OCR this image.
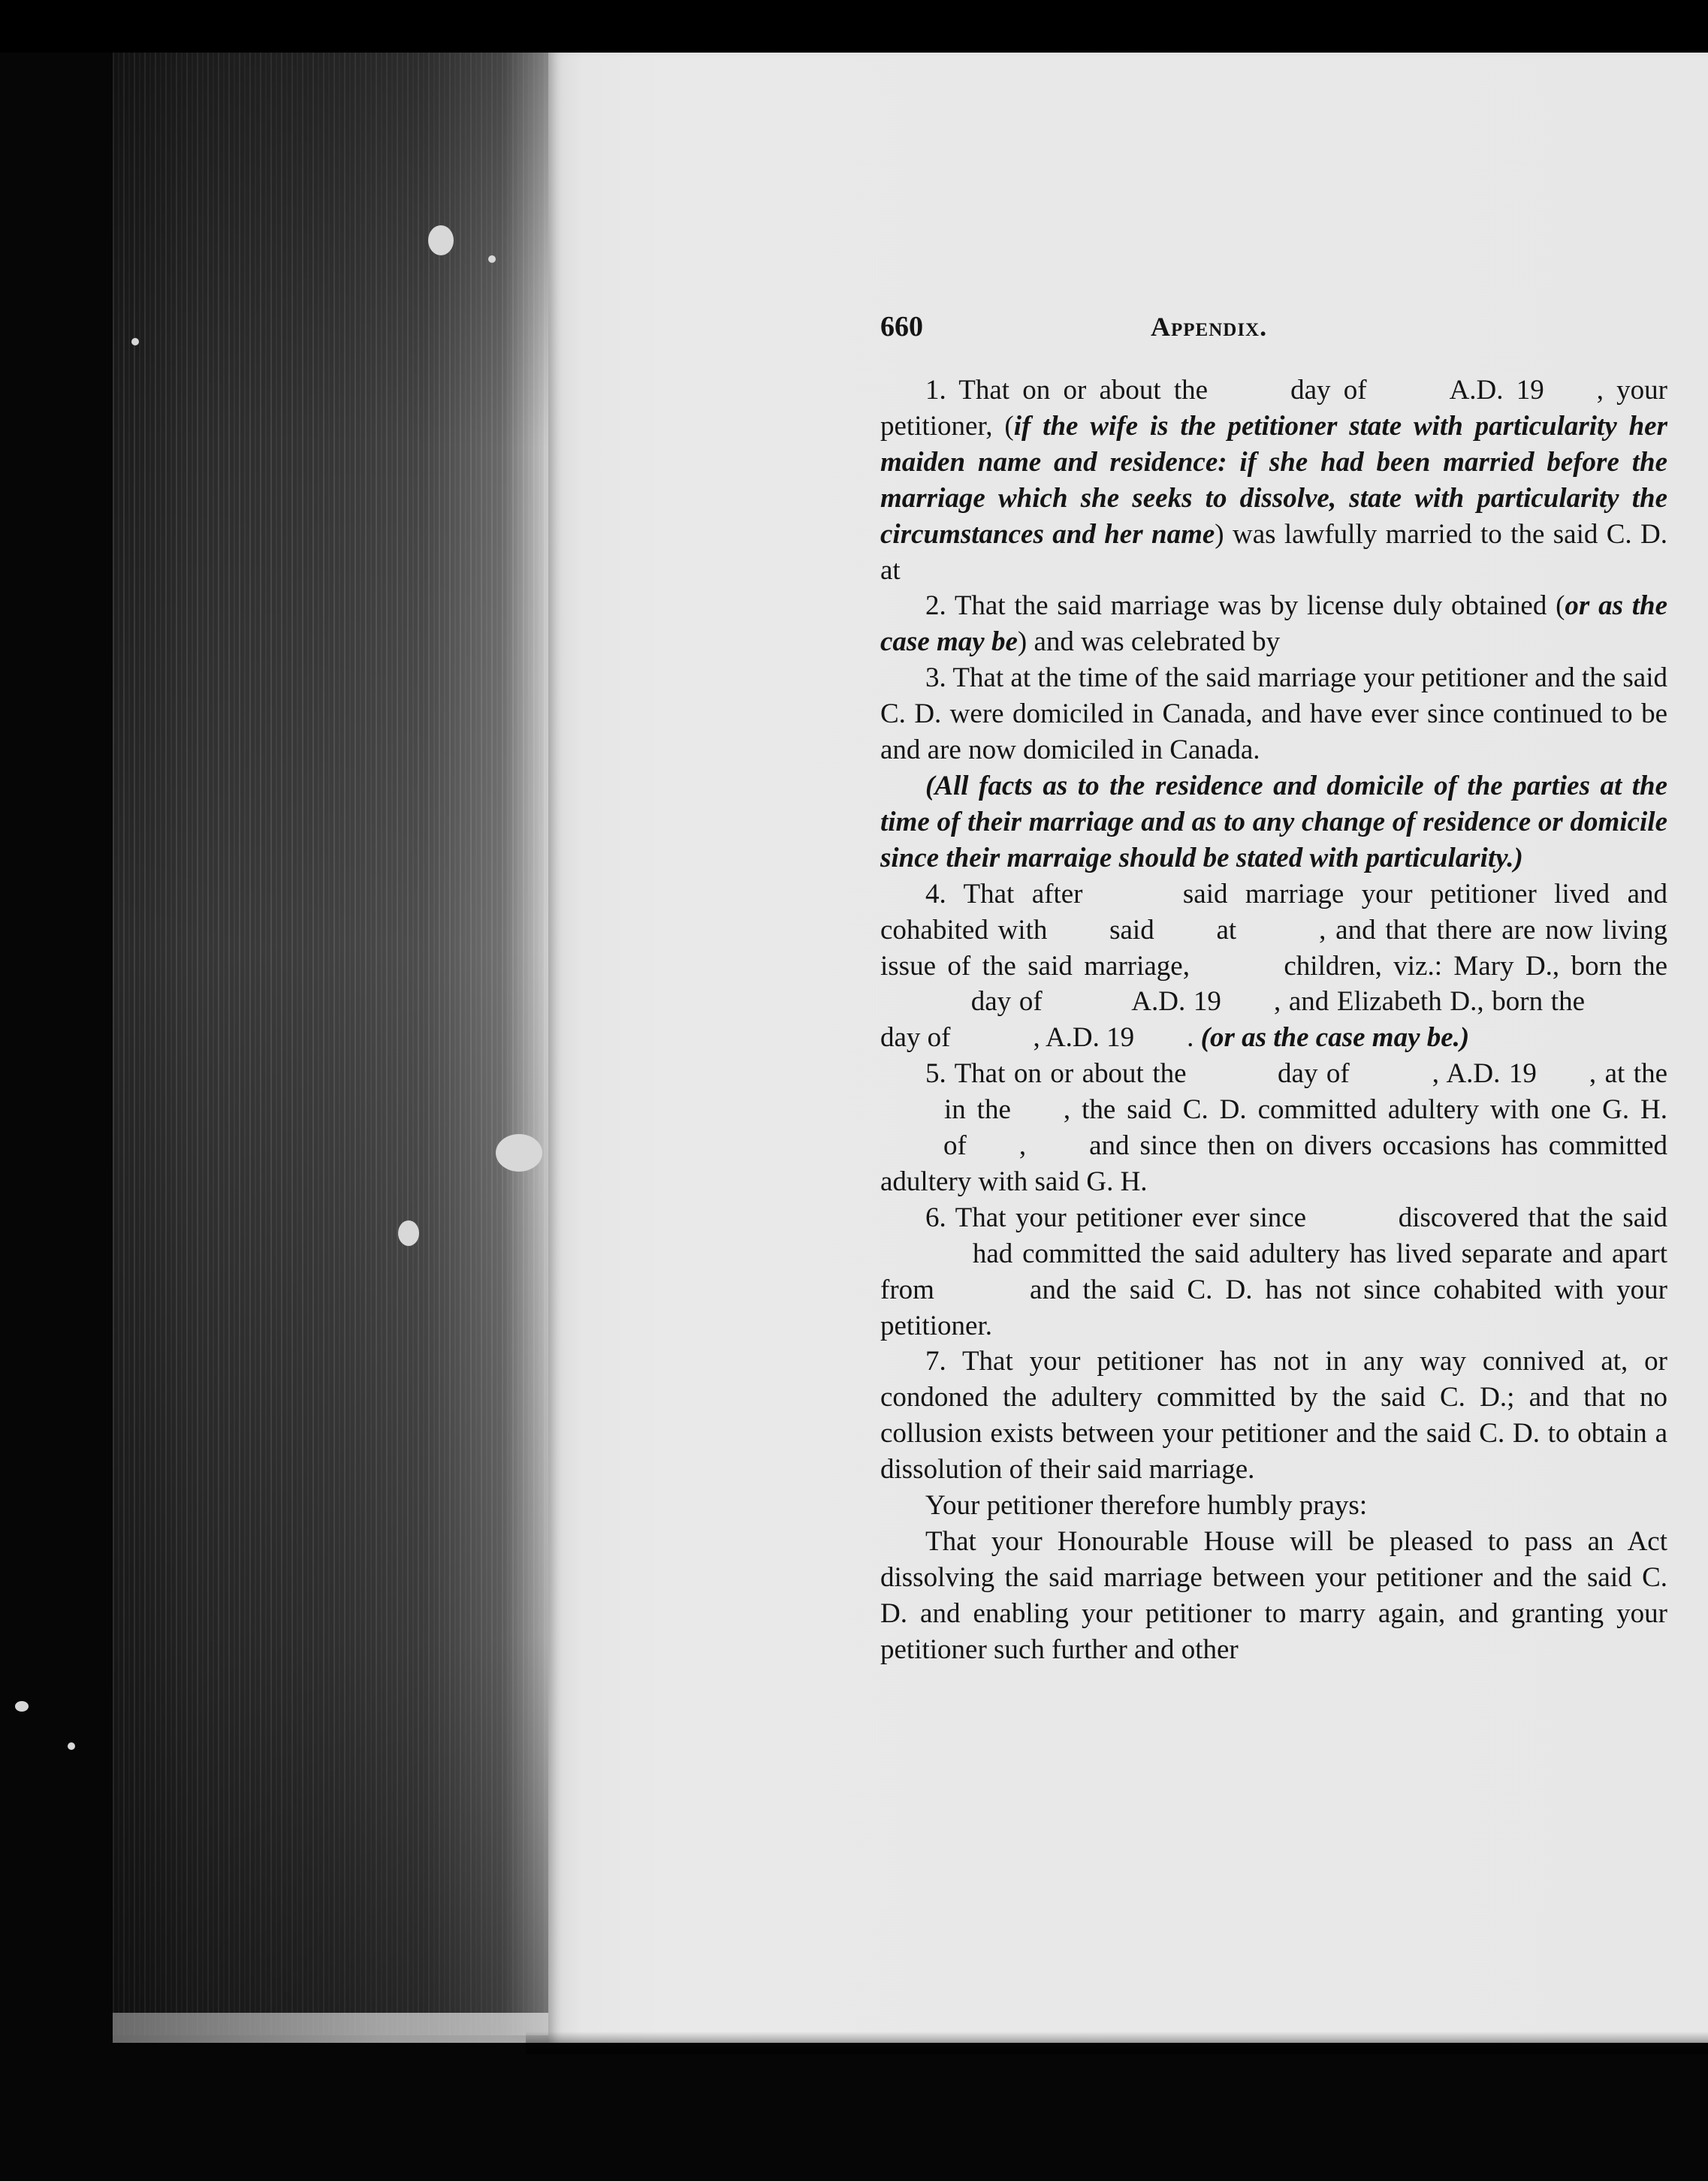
660	Appendix.

1. That on or about the	day of	A.D. 19 , your petitioner, (if the wife is the petitioner state with particularity her maiden name and residence: if she had been married before the marriage which she seeks to dissolve, state with particularity the circumstances and her name) was lawfully married to the said C. D. at

2. That the said marriage was by license duly obtained (or as the case may be) and was celebrated by

3. That at the time of the said marriage your petitioner and the said C. D. were domiciled in Canada, and have ever since continued to be and are now domiciled in Canada.

(All facts as to the residence and domicile of the parties at the time of their marriage and as to any change of residence or domicile since their marraige should be stated with particularity.)

4. That after	said marriage your petitioner lived and cohabited with said at	, and that there are now living issue of the said marriage,	children, viz.: Mary D., born the day of	A.D. 19 , and Elizabeth D., born the day of	, A.D. 19 . (or as the case may be.)

5. That on or about the	day of	, A.D. 19 , at the in the , the said C. D. committed adultery with one G. H. of , and since then on divers occasions has committed adultery with said G. H.

6. That your petitioner ever since	discovered that the said had committed the said adultery has lived separate and apart from	and the said C. D. has not since cohabited with your petitioner.

7. That your petitioner has not in any way connived at, or condoned the adultery committed by the said C. D.; and that no collusion exists between your petitioner and the said C. D. to obtain a dissolution of their said marriage.

Your petitioner therefore humbly prays:

That your Honourable House will be pleased to pass an Act dissolving the said marriage between your petitioner and the said C. D. and enabling your petitioner to marry again, and granting your petitioner such further and other
